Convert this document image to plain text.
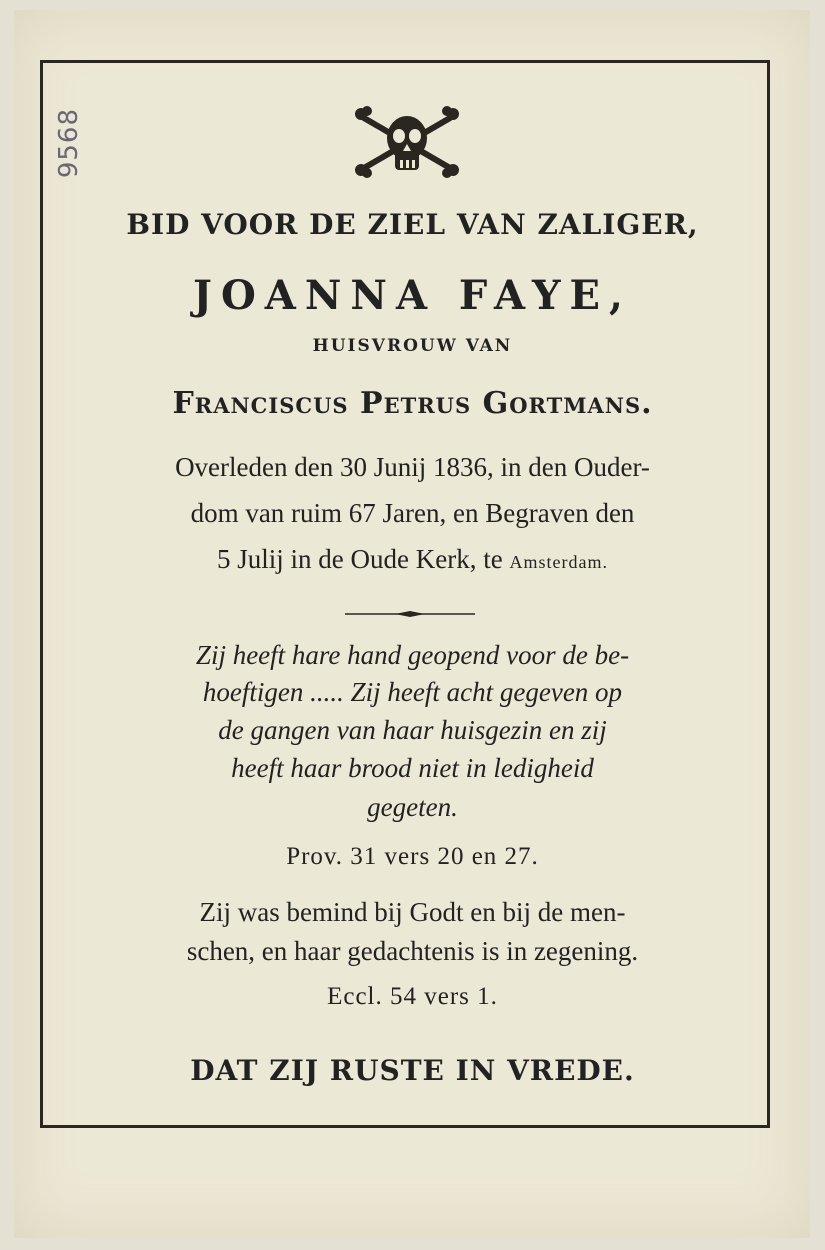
9568
BID VOOR DE ZIEL VAN ZALIGER,
JOANNA FAYE,
HUISVROUW VAN
Franciscus Petrus Gortmans.
Overleden den 30 Junij 1836, in den Ouder-
dom van ruim 67 Jaren, en Begraven den
5 Julij in de Oude Kerk, te Amsterdam.
Zij heeft hare hand geopend voor de be-
hoeftigen ..... Zij heeft acht gegeven op
de gangen van haar huisgezin en zij
heeft haar brood niet in ledigheid
gegeten.
Prov. 31 vers 20 en 27.
Zij was bemind bij Godt en bij de men-
schen, en haar gedachtenis is in zegening.
Eccl. 54 vers 1.
DAT ZIJ RUSTE IN VREDE.
